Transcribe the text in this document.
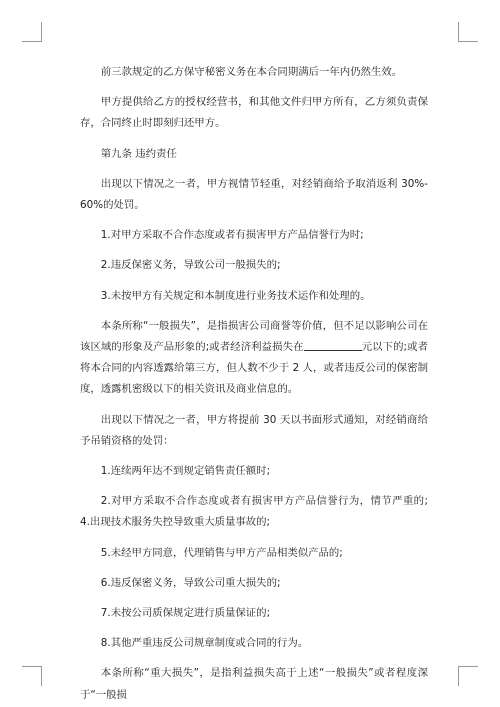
前三款规定的乙方保守秘密义务在本合同期满后一年内仍然生效。

甲方提供给乙方的授权经营书，和其他文件归甲方所有，乙方须负责保存，合同终止时即刻归还甲方。

第九条 违约责任

出现以下情况之一者，甲方视情节轻重，对经销商给予取消返利 30%-60%的处罚。

1.对甲方采取不合作态度或者有损害甲方产品信誉行为时;

2.违反保密义务，导致公司一般损失的;

3.未按甲方有关规定和本制度进行业务技术运作和处理的。

本条所称“一般损失”，是指损害公司商誉等价值，但不足以影响公司在该区域的形象及产品形象的;或者经济利益损失在	元以下的;或者将本合同的内容透露给第三方，但人数不少于 2 人，或者违反公司的保密制度，透露机密级以下的相关资讯及商业信息的。

出现以下情况之一者，甲方将提前 30 天以书面形式通知，对经销商给予吊销资格的处罚：

1.连续两年达不到规定销售责任额时;

2.对甲方采取不合作态度或者有损害甲方产品信誉行为，情节严重的; 4.出现技术服务失控导致重大质量事故的;

5.未经甲方同意，代理销售与甲方产品相类似产品的;

6.违反保密义务，导致公司重大损失的;

7.未按公司质保规定进行质量保证的;

8.其他严重违反公司规章制度或合同的行为。

本条所称“重大损失”，是指利益损失高于上述“一般损失”或者程度深于“一般损
